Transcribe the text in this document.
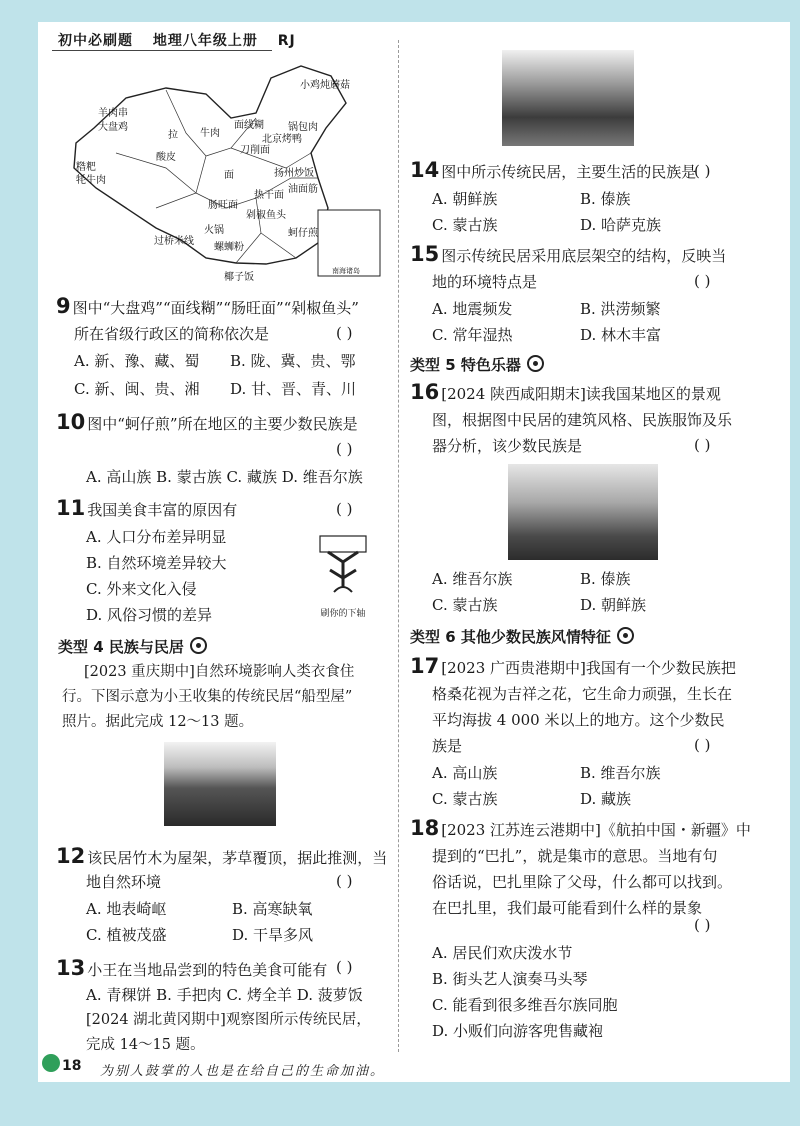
初中必刷题 地理八年级上册 RJ
羊肉串
大盘鸡
拉
面
牛肉
面线糊
刀削面
糌粑
牦牛肉
酸皮
火锅
过桥米线
螺蛳粉
椰子饭
小鸡炖蘑菇
锅包肉
北京烤鸭
扬州炒饭
剁椒鱼头
蚵仔煎
肠旺面
热干面
油面筋
南海诸岛
9 图中“大盘鸡”“面线糊”“肠旺面”“剁椒鱼头”
所在省级行政区的简称依次是	( )
A. 新、豫、藏、蜀 B. 陇、冀、贵、鄂
C. 新、闽、贵、湘 D. 甘、晋、青、川
10 图中“蚵仔煎”所在地区的主要少数民族是
( )
A. 高山族 B. 蒙古族 C. 藏族 D. 维吾尔族
11 我国美食丰富的原因有	( )
A. 人口分布差异明显
B. 自然环境差异较大
C. 外来文化入侵
D. 风俗习惯的差异	刷你的下轴
类型 4 民族与民居
[2023 重庆期中]自然环境影响人类衣食住
行。下图示意为小王收集的传统民居“船型屋”
照片。据此完成 12～13 题。
12 该民居竹木为屋架，茅草覆顶，据此推测，当
地自然环境	( )
A. 地表崎岖	B. 高寒缺氧
C. 植被茂盛	D. 干旱多风
13 小王在当地品尝到的特色美食可能有 ( )
A. 青稞饼 B. 手把肉 C. 烤全羊 D. 菠萝饭
[2024 湖北黄冈期中]观察图所示传统民居，
完成 14～15 题。
14 图中所示传统民居，主要生活的民族是
( )
A. 朝鲜族	B. 傣族
C. 蒙古族	D. 哈萨克族
15 图示传统民居采用底层架空的结构，反映当
地的环境特点是	( )
A. 地震频发	B. 洪涝频繁
C. 常年湿热	D. 林木丰富
类型 5 特色乐器
16 [2024 陕西咸阳期末]读我国某地区的景观
图，根据图中民居的建筑风格、民族服饰及乐
器分析，该少数民族是	( )
A. 维吾尔族	B. 傣族
C. 蒙古族	D. 朝鲜族
类型 6 其他少数民族风情特征
17 [2023 广西贵港期中]我国有一个少数民族把
格桑花视为吉祥之花，它生命力顽强，生长在
平均海拔 4 000 米以上的地方。这个少数民
族是	( )
A. 高山族	B. 维吾尔族
C. 蒙古族	D. 藏族
18 [2023 江苏连云港期中]《航拍中国・新疆》中
提到的“巴扎”，就是集市的意思。当地有句
俗话说，巴扎里除了父母，什么都可以找到。
在巴扎里，我们最可能看到什么样的景象
( )
A. 居民们欢庆泼水节
B. 街头艺人演奏马头琴
C. 能看到很多维吾尔族同胞
D. 小贩们向游客兜售藏袍
18 为别人鼓掌的人也是在给自己的生命加油。
